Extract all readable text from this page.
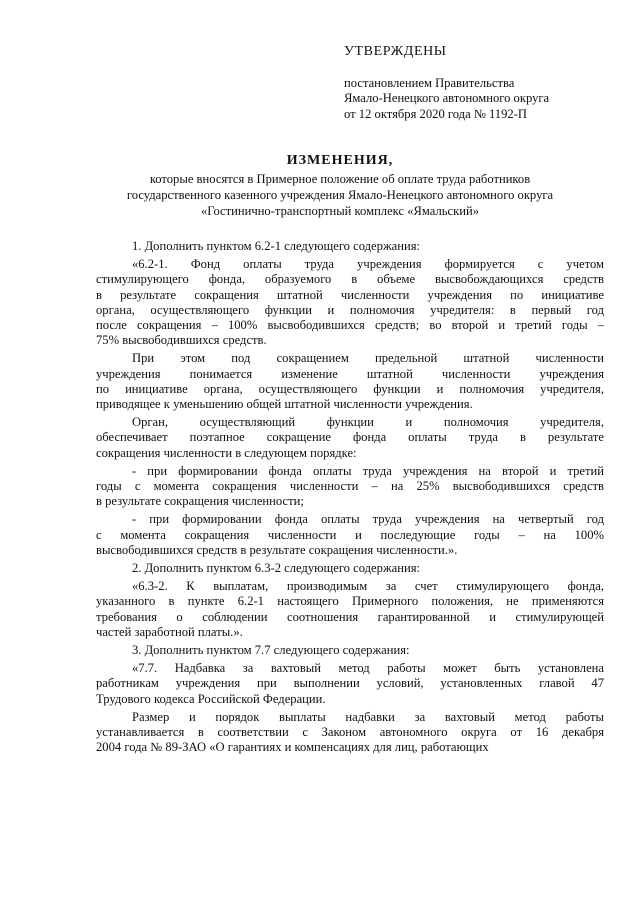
УТВЕРЖДЕНЫ
постановлением Правительства
Ямало-Ненецкого автономного округа
от 12 октября 2020 года № 1192-П
ИЗМЕНЕНИЯ,
которые вносятся в Примерное положение об оплате труда работников
государственного казенного учреждения Ямало-Ненецкого автономного округа
«Гостинично-транспортный комплекс «Ямальский»
1. Дополнить пунктом 6.2-1 следующего содержания:
«6.2-1. Фонд оплаты труда учреждения формируется с учетом
стимулирующего фонда, образуемого в объеме высвобождающихся средств
в результате сокращения штатной численности учреждения по инициативе
органа, осуществляющего функции и полномочия учредителя: в первый год
после сокращения – 100% высвободившихся средств; во второй и третий годы –
75% высвободившихся средств.
При этом под сокращением предельной штатной численности
учреждения понимается изменение штатной численности учреждения
по инициативе органа, осуществляющего функции и полномочия учредителя,
приводящее к уменьшению общей штатной численности учреждения.
Орган, осуществляющий функции и полномочия учредителя,
обеспечивает поэтапное сокращение фонда оплаты труда в результате
сокращения численности в следующем порядке:
- при формировании фонда оплаты труда учреждения на второй и третий
годы с момента сокращения численности – на 25% высвободившихся средств
в результате сокращения численности;
- при формировании фонда оплаты труда учреждения на четвертый год
с момента сокращения численности и последующие годы – на 100%
высвободившихся средств в результате сокращения численности.».
2. Дополнить пунктом 6.3-2 следующего содержания:
«6.3-2. К выплатам, производимым за счет стимулирующего фонда,
указанного в пункте 6.2-1 настоящего Примерного положения, не применяются
требования о соблюдении соотношения гарантированной и стимулирующей
частей заработной платы.».
3. Дополнить пунктом 7.7 следующего содержания:
«7.7. Надбавка за вахтовый метод работы может быть установлена
работникам учреждения при выполнении условий, установленных главой 47
Трудового кодекса Российской Федерации.
Размер и порядок выплаты надбавки за вахтовый метод работы
устанавливается в соответствии с Законом автономного округа от 16 декабря
2004 года № 89-ЗАО «О гарантиях и компенсациях для лиц, работающих
